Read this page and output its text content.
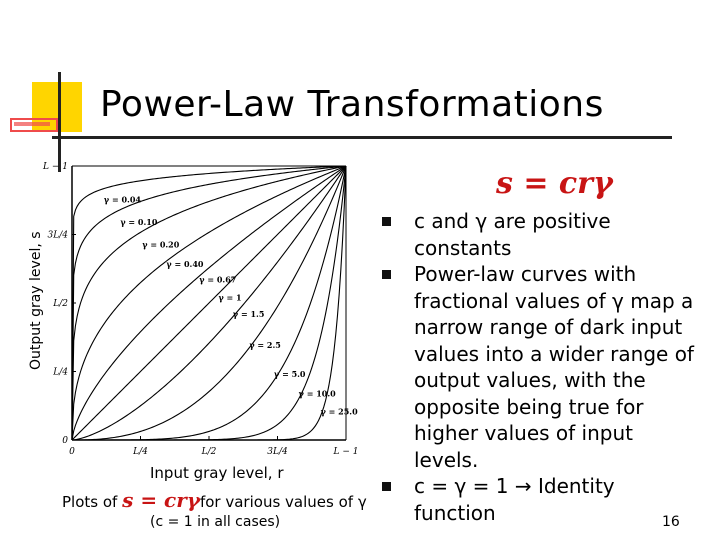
Power-Law Transformations
0	L/4	L/2	3L/4	L − 1
0
L/4
L/2
3L/4
L − 1
γ = 0.04
γ = 0.10
γ = 0.20
γ = 0.40
γ = 0.67
γ = 1
γ = 1.5
γ = 2.5
γ = 5.0
γ = 10.0
γ = 25.0
Output gray level, s
Input gray level, r
Plots of s = crγfor various values of γ
(c = 1 in all cases)
s = crγ
c and γ are positive constants
Power-law curves with fractional values of γ map a narrow range of dark input values into a wider range of output values, with the opposite being true for higher values of input levels.
c = γ = 1 → Identity function	16
